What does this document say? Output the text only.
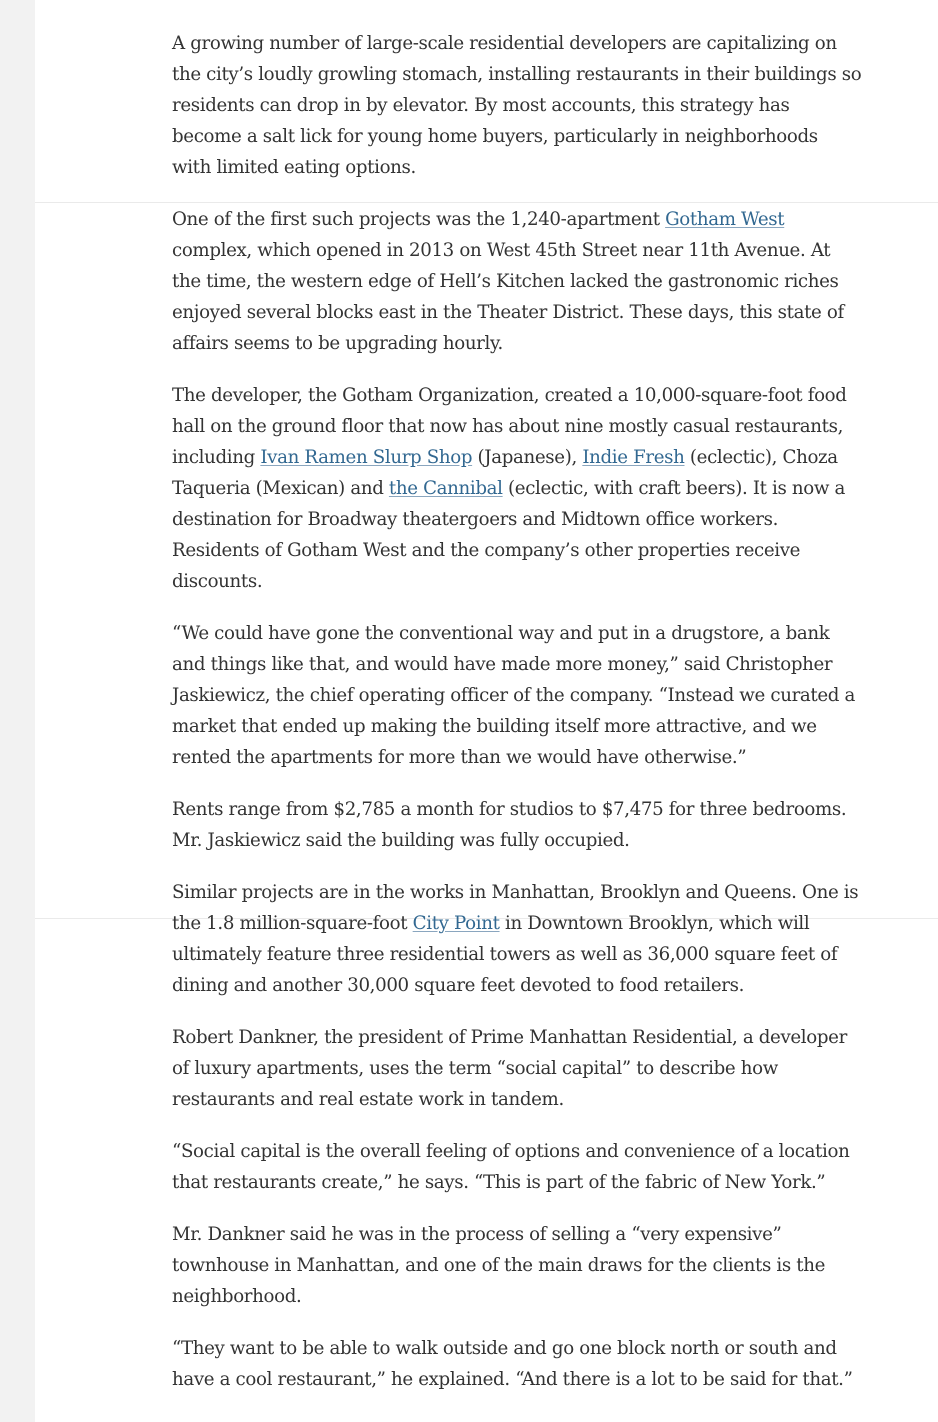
A growing number of large-scale residential developers are capitalizing on the city’s loudly growling stomach, installing restaurants in their buildings so residents can drop in by elevator. By most accounts, this strategy has become a salt lick for young home buyers, particularly in neighborhoods with limited eating options.

One of the first such projects was the 1,240-apartment Gotham West complex, which opened in 2013 on West 45th Street near 11th Avenue. At the time, the western edge of Hell’s Kitchen lacked the gastronomic riches enjoyed several blocks east in the Theater District. These days, this state of affairs seems to be upgrading hourly.

The developer, the Gotham Organization, created a 10,000-square-foot food hall on the ground floor that now has about nine mostly casual restaurants, including Ivan Ramen Slurp Shop (Japanese), Indie Fresh (eclectic), Choza Taqueria (Mexican) and the Cannibal (eclectic, with craft beers). It is now a destination for Broadway theatergoers and Midtown office workers. Residents of Gotham West and the company’s other properties receive discounts.

“We could have gone the conventional way and put in a drugstore, a bank and things like that, and would have made more money,” said Christopher Jaskiewicz, the chief operating officer of the company. “Instead we curated a market that ended up making the building itself more attractive, and we rented the apartments for more than we would have otherwise.”

Rents range from $2,785 a month for studios to $7,475 for three bedrooms. Mr. Jaskiewicz said the building was fully occupied.

Similar projects are in the works in Manhattan, Brooklyn and Queens. One is the 1.8 million-square-foot City Point in Downtown Brooklyn, which will ultimately feature three residential towers as well as 36,000 square feet of dining and another 30,000 square feet devoted to food retailers.

Robert Dankner, the president of Prime Manhattan Residential, a developer of luxury apartments, uses the term “social capital” to describe how restaurants and real estate work in tandem.

“Social capital is the overall feeling of options and convenience of a location that restaurants create,” he says. “This is part of the fabric of New York.”

Mr. Dankner said he was in the process of selling a “very expensive” townhouse in Manhattan, and one of the main draws for the clients is the neighborhood.

“They want to be able to walk outside and go one block north or south and have a cool restaurant,” he explained. “And there is a lot to be said for that.”
